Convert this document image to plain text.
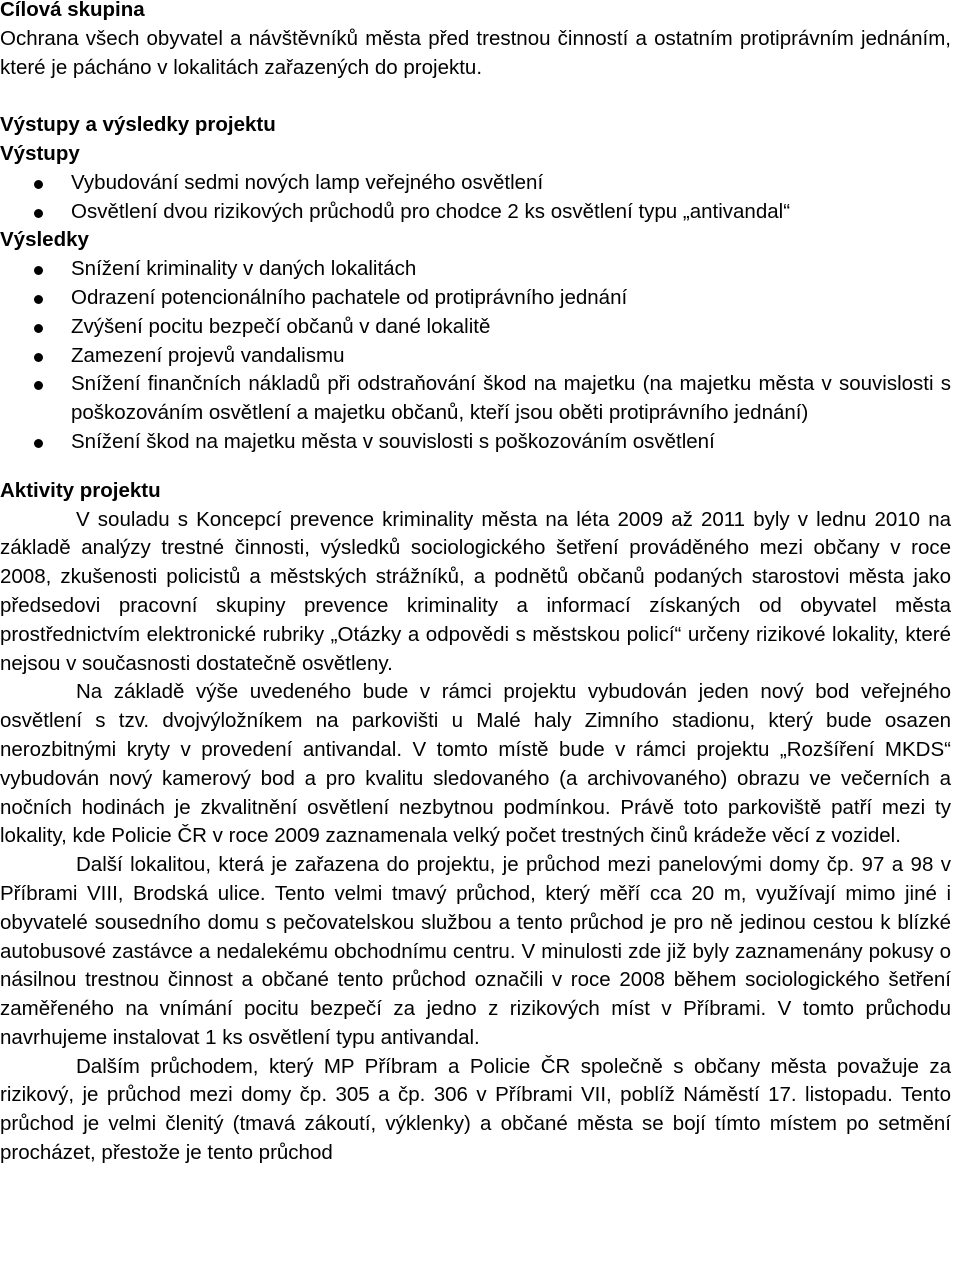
Cílová skupina

Ochrana všech obyvatel a návštěvníků města před trestnou činností a ostatním protiprávním jednáním, které je pácháno v lokalitách zařazených do projektu.

Výstupy a výsledky projektu

Výstupy

Vybudování sedmi nových lamp veřejného osvětlení
Osvětlení dvou rizikových průchodů pro chodce 2 ks osvětlení typu „antivandal“

Výsledky

Snížení kriminality v daných lokalitách
Odrazení potencionálního pachatele od protiprávního jednání
Zvýšení pocitu bezpečí občanů v dané lokalitě
Zamezení projevů vandalismu
Snížení finančních nákladů při odstraňování škod na majetku (na majetku města v souvislosti s poškozováním osvětlení a majetku občanů, kteří jsou oběti protiprávního jednání)
Snížení škod na majetku města v souvislosti s poškozováním osvětlení

Aktivity projektu

V souladu s Koncepcí prevence kriminality města na léta 2009 až 2011 byly v lednu 2010 na základě analýzy trestné činnosti, výsledků sociologického šetření prováděného mezi občany v roce 2008, zkušenosti policistů a městských strážníků, a podnětů občanů podaných starostovi města jako předsedovi pracovní skupiny prevence kriminality a informací získaných od obyvatel města prostřednictvím elektronické rubriky „Otázky a odpovědi s městskou policí“ určeny rizikové lokality, které nejsou v současnosti dostatečně osvětleny.

Na základě výše uvedeného bude v rámci projektu vybudován jeden nový bod veřejného osvětlení s tzv. dvojvýložníkem na parkovišti u Malé haly Zimního stadionu, který bude osazen nerozbitnými kryty v provedení antivandal. V tomto místě bude v rámci projektu „Rozšíření MKDS“ vybudován nový kamerový bod a pro kvalitu sledovaného (a archivovaného) obrazu ve večerních a nočních hodinách je zkvalitnění osvětlení nezbytnou podmínkou. Právě toto parkoviště patří mezi ty lokality, kde Policie ČR v roce 2009 zaznamenala velký počet trestných činů krádeže věcí z vozidel.

Další lokalitou, která je zařazena do projektu, je průchod mezi panelovými domy čp. 97 a 98 v Příbrami VIII, Brodská ulice. Tento velmi tmavý průchod, který měří cca 20 m, využívají mimo jiné i obyvatelé sousedního domu s pečovatelskou službou a tento průchod je pro ně jedinou cestou k blízké autobusové zastávce a nedalekému obchodnímu centru. V minulosti zde již byly zaznamenány pokusy o násilnou trestnou činnost a občané tento průchod označili v roce 2008 během sociologického šetření zaměřeného na vnímání pocitu bezpečí za jedno z rizikových míst v Příbrami. V tomto průchodu navrhujeme instalovat 1 ks osvětlení typu antivandal.

Dalším průchodem, který MP Příbram a Policie ČR společně s občany města považuje za rizikový, je průchod mezi domy čp. 305 a čp. 306 v Příbrami VII, poblíž Náměstí 17. listopadu. Tento průchod je velmi členitý (tmavá zákoutí, výklenky) a občané města se bojí tímto místem po setmění procházet, přestože je tento průchod
